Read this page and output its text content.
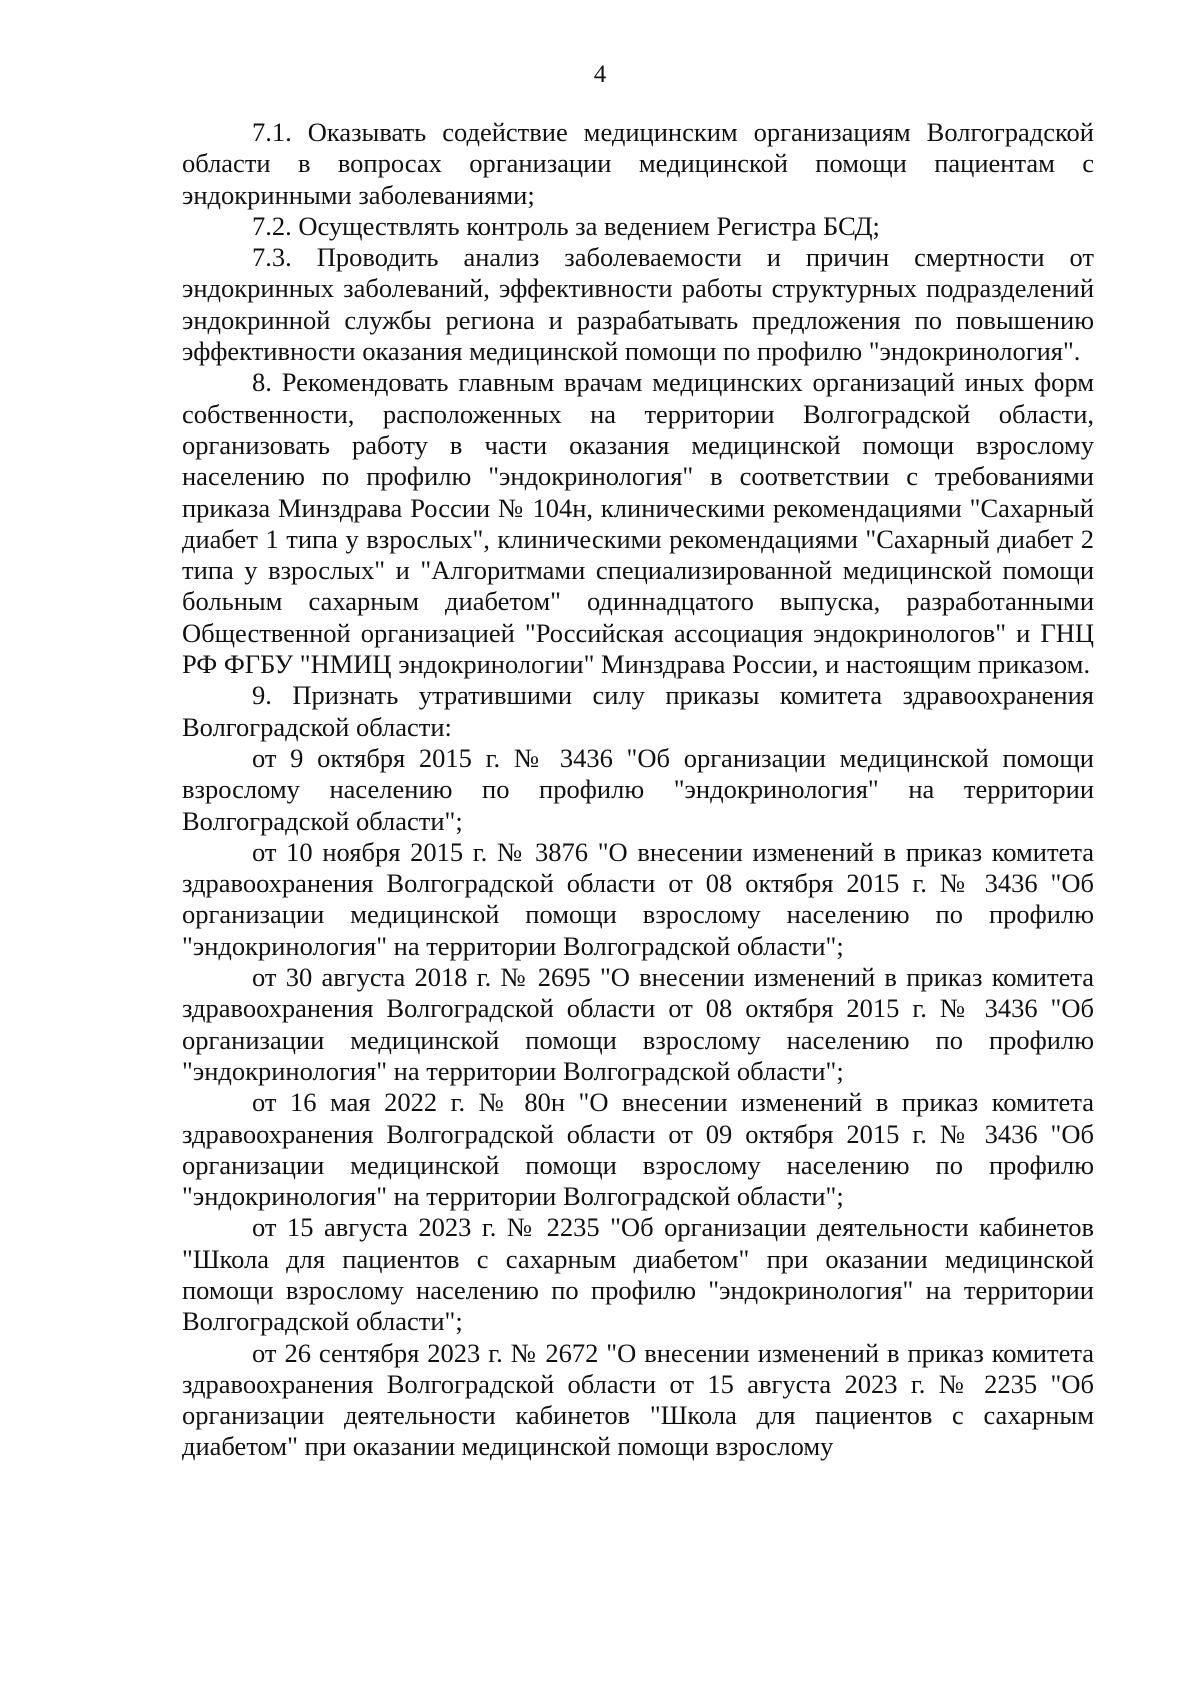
4

7.1. Оказывать содействие медицинским организациям Волгоградской области в вопросах организации медицинской помощи пациентам с эндокринными заболеваниями;

7.2. Осуществлять контроль за ведением Регистра БСД;

7.3. Проводить анализ заболеваемости и причин смертности от эндокринных заболеваний, эффективности работы структурных подразделений эндокринной службы региона и разрабатывать предложения по повышению эффективности оказания медицинской помощи по профилю "эндокринология".

8. Рекомендовать главным врачам медицинских организаций иных форм собственности, расположенных на территории Волгоградской области, организовать работу в части оказания медицинской помощи взрослому населению по профилю "эндокринология" в соответствии с требованиями приказа Минздрава России № 104н, клиническими рекомендациями "Сахарный диабет 1 типа у взрослых", клиническими рекомендациями "Сахарный диабет 2 типа у взрослых" и "Алгоритмами специализированной медицинской помощи больным сахарным диабетом" одиннадцатого выпуска, разработанными Общественной организацией "Российская ассоциация эндокринологов" и ГНЦ РФ ФГБУ "НМИЦ эндокринологии" Минздрава России, и настоящим приказом.

9. Признать утратившими силу приказы комитета здравоохранения Волгоградской области:

от 9 октября 2015 г. № 3436 "Об организации медицинской помощи взрослому населению по профилю "эндокринология" на территории Волгоградской области";

от 10 ноября 2015 г. № 3876 "О внесении изменений в приказ комитета здравоохранения Волгоградской области от 08 октября 2015 г. № 3436 "Об организации медицинской помощи взрослому населению по профилю "эндокринология" на территории Волгоградской области";

от 30 августа 2018 г. № 2695 "О внесении изменений в приказ комитета здравоохранения Волгоградской области от 08 октября 2015 г. № 3436 "Об организации медицинской помощи взрослому населению по профилю "эндокринология" на территории Волгоградской области";

от 16 мая 2022 г. № 80н "О внесении изменений в приказ комитета здравоохранения Волгоградской области от 09 октября 2015 г. № 3436 "Об организации медицинской помощи взрослому населению по профилю "эндокринология" на территории Волгоградской области";

от 15 августа 2023 г. № 2235 "Об организации деятельности кабинетов "Школа для пациентов с сахарным диабетом" при оказании медицинской помощи взрослому населению по профилю "эндокринология" на территории Волгоградской области";

от 26 сентября 2023 г. № 2672 "О внесении изменений в приказ комитета здравоохранения Волгоградской области от 15 августа 2023 г. № 2235 "Об организации деятельности кабинетов "Школа для пациентов с сахарным диабетом" при оказании медицинской помощи взрослому
